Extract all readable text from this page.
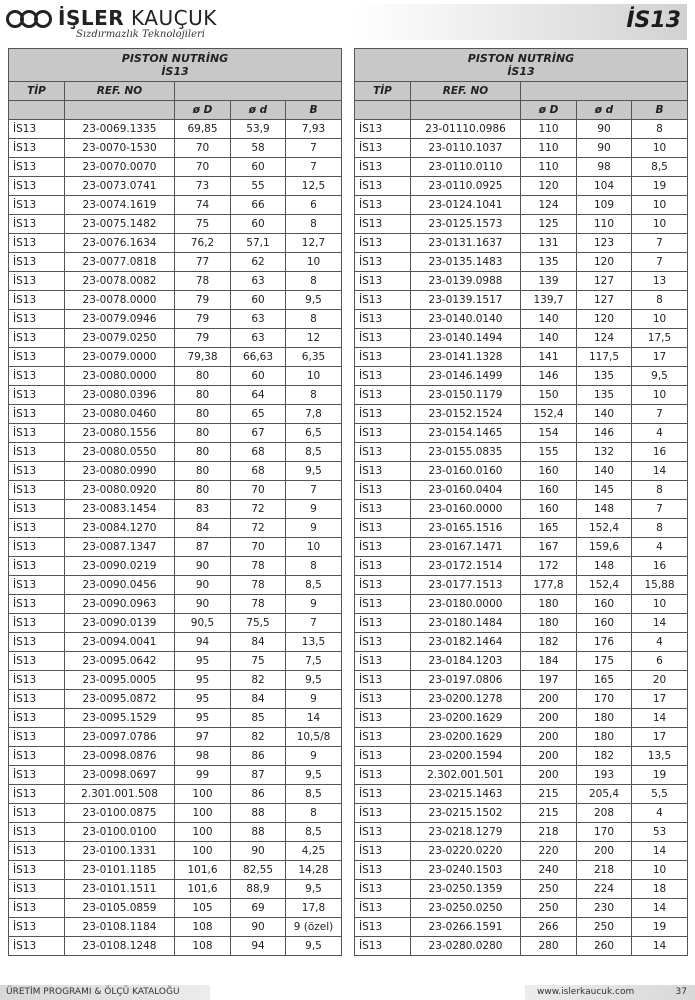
İŞLER KAUÇUK
Sızdırmazlık Teknolojileri
İS13
PISTON NUTRİNG
İS13				

TİP	REF. NO			
		ø D	ø d	B
İS13	23-0069.1335	69,85	53,9	7,93
İS13	23-0070-1530	70	58	7
İS13	23-0070.0070	70	60	7
İS13	23-0073.0741	73	55	12,5
İS13	23-0074.1619	74	66	6
İS13	23-0075.1482	75	60	8
İS13	23-0076.1634	76,2	57,1	12,7
İS13	23-0077.0818	77	62	10
İS13	23-0078.0082	78	63	8
İS13	23-0078.0000	79	60	9,5
İS13	23-0079.0946	79	63	8
İS13	23-0079.0250	79	63	12
İS13	23-0079.0000	79,38	66,63	6,35
İS13	23-0080.0000	80	60	10
İS13	23-0080.0396	80	64	8
İS13	23-0080.0460	80	65	7,8
İS13	23-0080.1556	80	67	6,5
İS13	23-0080.0550	80	68	8,5
İS13	23-0080.0990	80	68	9,5
İS13	23-0080.0920	80	70	7
İS13	23-0083.1454	83	72	9
İS13	23-0084.1270	84	72	9
İS13	23-0087.1347	87	70	10
İS13	23-0090.0219	90	78	8
İS13	23-0090.0456	90	78	8,5
İS13	23-0090.0963	90	78	9
İS13	23-0090.0139	90,5	75,5	7
İS13	23-0094.0041	94	84	13,5
İS13	23-0095.0642	95	75	7,5
İS13	23-0095.0005	95	82	9,5
İS13	23-0095.0872	95	84	9
İS13	23-0095.1529	95	85	14
İS13	23-0097.0786	97	82	10,5/8
İS13	23-0098.0876	98	86	9
İS13	23-0098.0697	99	87	9,5
İS13	2.301.001.508	100	86	8,5
İS13	23-0100.0875	100	88	8
İS13	23-0100.0100	100	88	8,5
İS13	23-0100.1331	100	90	4,25
İS13	23-0101.1185	101,6	82,55	14,28
İS13	23-0101.1511	101,6	88,9	9,5
İS13	23-0105.0859	105	69	17,8
İS13	23-0108.1184	108	90	9 (özel)
İS13	23-0108.1248	108	94	9,5
PISTON NUTRİNG
İS13				

TİP	REF. NO			
		ø D	ø d	B
İS13	23-01110.0986	110	90	8
İS13	23-0110.1037	110	90	10
İS13	23-0110.0110	110	98	8,5
İS13	23-0110.0925	120	104	19
İS13	23-0124.1041	124	109	10
İS13	23-0125.1573	125	110	10
İS13	23-0131.1637	131	123	7
İS13	23-0135.1483	135	120	7
İS13	23-0139.0988	139	127	13
İS13	23-0139.1517	139,7	127	8
İS13	23-0140.0140	140	120	10
İS13	23-0140.1494	140	124	17,5
İS13	23-0141.1328	141	117,5	17
İS13	23-0146.1499	146	135	9,5
İS13	23-0150.1179	150	135	10
İS13	23-0152.1524	152,4	140	7
İS13	23-0154.1465	154	146	4
İS13	23-0155.0835	155	132	16
İS13	23-0160.0160	160	140	14
İS13	23-0160.0404	160	145	8
İS13	23-0160.0000	160	148	7
İS13	23-0165.1516	165	152,4	8
İS13	23-0167.1471	167	159,6	4
İS13	23-0172.1514	172	148	16
İS13	23-0177.1513	177,8	152,4	15,88
İS13	23-0180.0000	180	160	10
İS13	23-0180.1484	180	160	14
İS13	23-0182.1464	182	176	4
İS13	23-0184.1203	184	175	6
İS13	23-0197.0806	197	165	20
İS13	23-0200.1278	200	170	17
İS13	23-0200.1629	200	180	14
İS13	23-0200.1629	200	180	17
İS13	23-0200.1594	200	182	13,5
İS13	2.302.001.501	200	193	19
İS13	23-0215.1463	215	205,4	5,5
İS13	23-0215.1502	215	208	4
İS13	23-0218.1279	218	170	53
İS13	23-0220.0220	220	200	14
İS13	23-0240.1503	240	218	10
İS13	23-0250.1359	250	224	18
İS13	23-0250.0250	250	230	14
İS13	23-0266.1591	266	250	19
İS13	23-0280.0280	280	260	14
ÜRETİM PROGRAMI & ÖLÇÜ KATALOĞU	www.islerkaucuk.com	37
